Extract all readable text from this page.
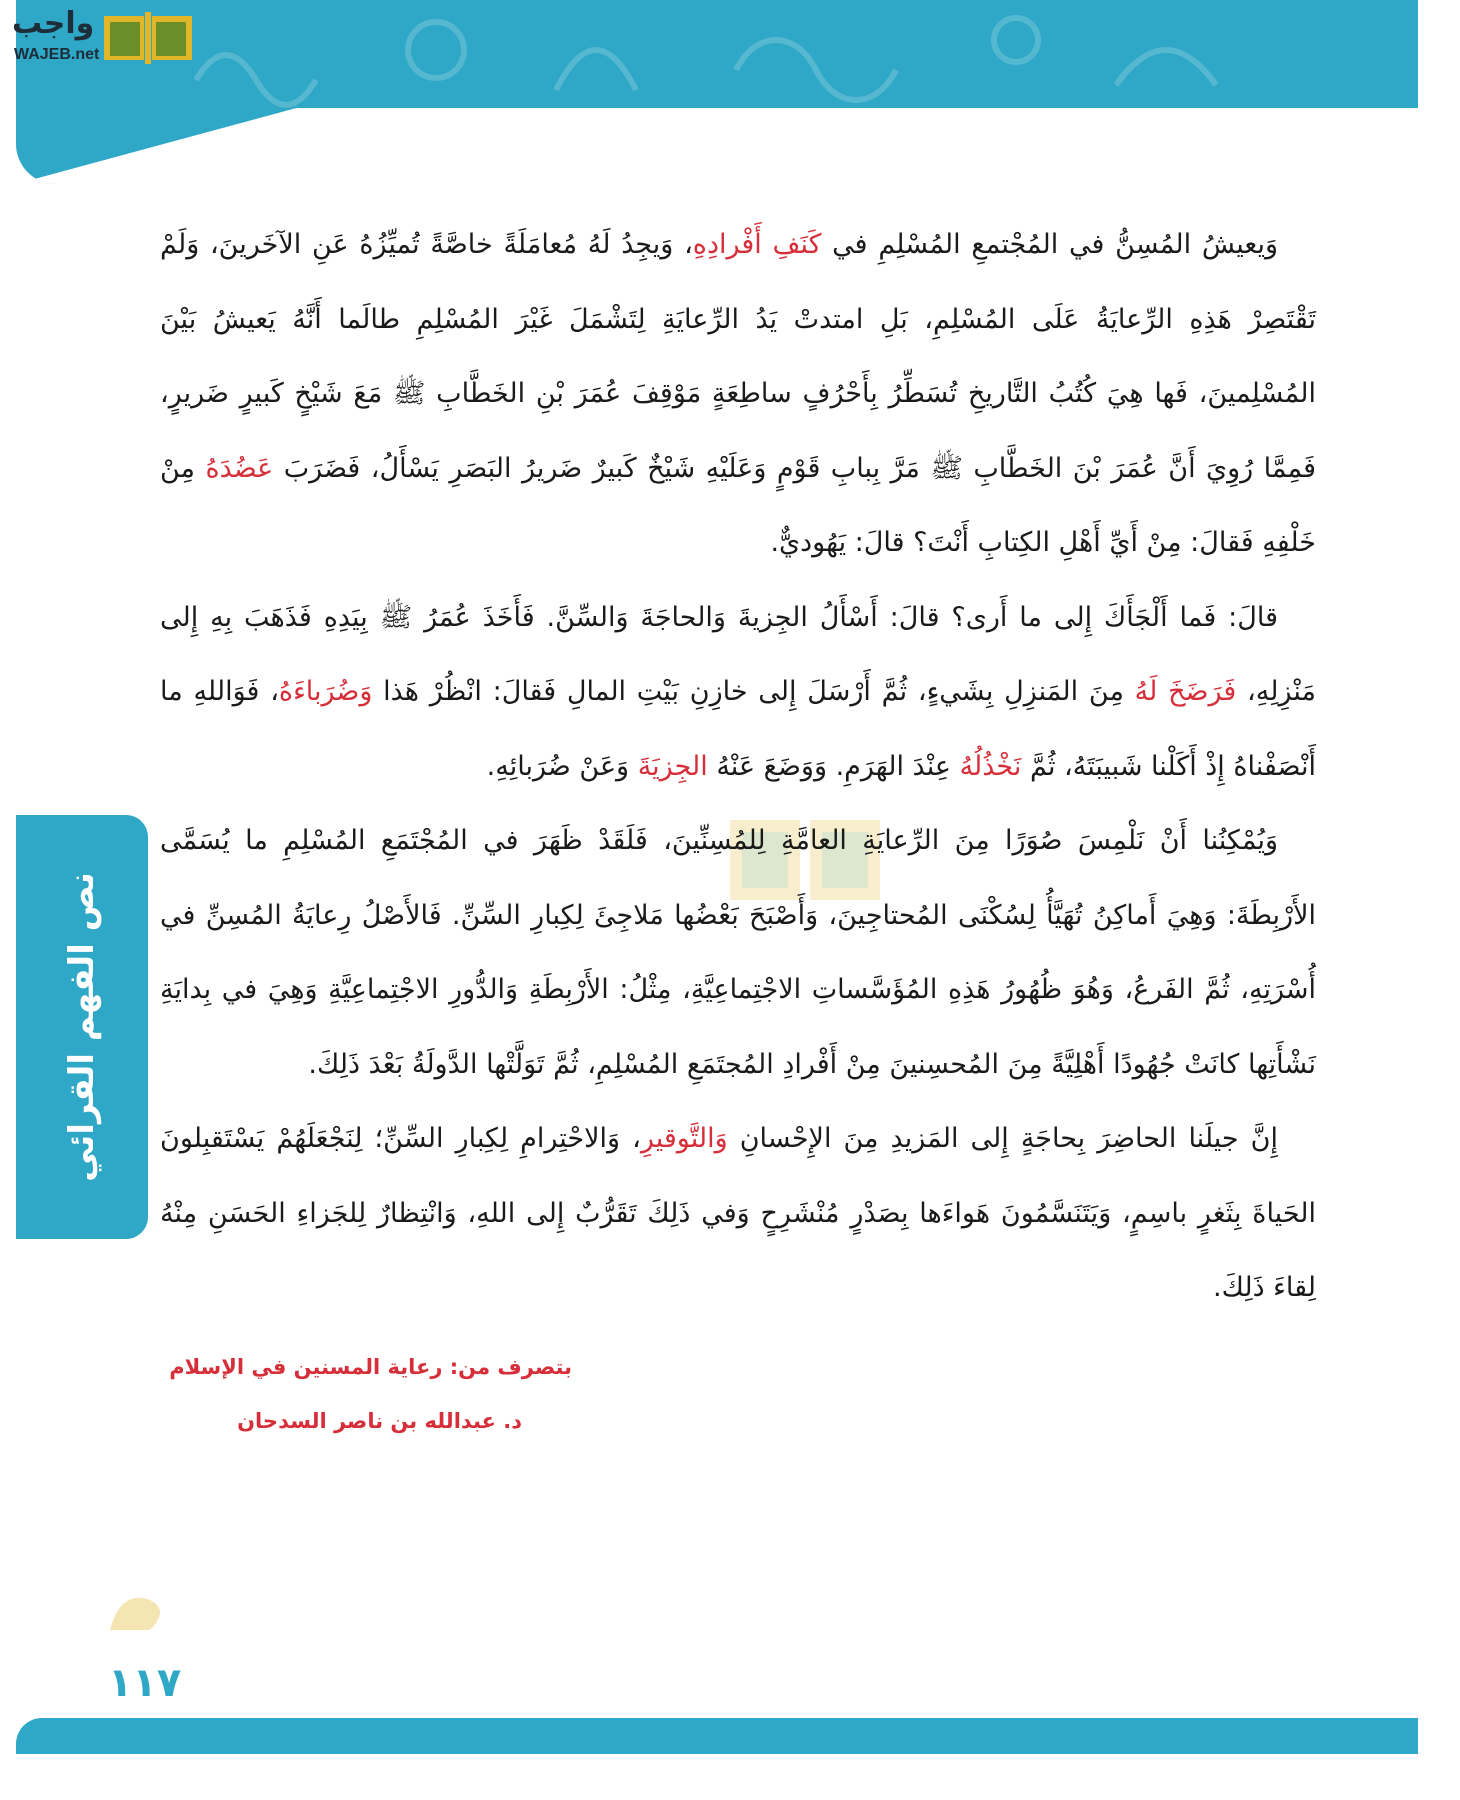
واجب
WAJEB.net
نص الفهم القرائي

وَيعيشُ المُسِنُّ في المُجْتمعِ المُسْلِمِ في كَنَفِ أَفْرادِهِ، وَيجِدُ لَهُ مُعامَلَةً خاصَّةً تُميِّزُهُ عَنِ الآخَرينَ، وَلَمْ تَقْتَصِرْ هَذِهِ الرِّعايَةُ عَلَى المُسْلِمِ، بَلِ امتدتْ يَدُ الرِّعايَةِ لِتَشْمَلَ غَيْرَ المُسْلِمِ طالَما أَنَّهُ يَعيشُ بَيْنَ المُسْلِمينَ، فَها هِيَ كُتُبُ التَّاريخِ تُسَطِّرُ بِأَحْرُفٍ ساطِعَةٍ مَوْقِفَ عُمَرَ بْنِ الخَطَّابِ ﷺ مَعَ شَيْخٍ كَبيرٍ ضَريرٍ، فَمِمَّا رُوِيَ أَنَّ عُمَرَ بْنَ الخَطَّابِ ﷺ مَرَّ بِبابِ قَوْمٍ وَعَلَيْهِ شَيْخٌ كَبيرٌ ضَريرُ البَصَرِ يَسْأَلُ، فَضَرَبَ عَضُدَهُ مِنْ خَلْفِهِ فَقالَ: مِنْ أَيِّ أَهْلِ الكِتابِ أَنْتَ؟ قالَ: يَهُوديٌّ.

قالَ: فَما أَلْجَأَكَ إِلى ما أَرى؟ قالَ: أَسْأَلُ الجِزيةَ وَالحاجَةَ وَالسِّنَّ. فَأَخَذَ عُمَرُ ﷺ بِيَدِهِ فَذَهَبَ بِهِ إِلى مَنْزِلِهِ، فَرَضَخَ لَهُ مِنَ المَنزِلِ بِشَيءٍ، ثُمَّ أَرْسَلَ إِلى خازِنِ بَيْتِ المالِ فَقالَ: انْظُرْ هَذا وَضُرَباءَهُ، فَوَاللهِ ما أَنْصَفْناهُ إِذْ أَكَلْنا شَبيبَتَهُ، ثُمَّ نَخْذُلُهُ عِنْدَ الهَرَمِ. وَوَضَعَ عَنْهُ الجِزيَةَ وَعَنْ ضُرَبائِهِ.

وَيُمْكِنُنا أَنْ نَلْمِسَ صُوَرًا مِنَ الرِّعايَةِ العامَّةِ لِلمُسِنِّينَ، فَلَقَدْ ظَهَرَ في المُجْتَمَعِ المُسْلِمِ ما يُسَمَّى الأَرْبِطَةَ: وَهِيَ أَماكِنُ تُهَيَّأُ لِسُكْنَى المُحتاجِينَ، وَأَصْبَحَ بَعْضُها مَلاجِئَ لِكِبارِ السِّنِّ. فَالأَصْلُ رِعايَةُ المُسِنِّ في أُسْرَتِهِ، ثُمَّ الفَرعُ، وَهُوَ ظُهُورُ هَذِهِ المُؤَسَّساتِ الاجْتِماعِيَّةِ، مِثْلُ: الأَرْبِطَةِ وَالدُّورِ الاجْتِماعِيَّةِ وَهِيَ في بِدايَةِ نَشْأَتِها كانَتْ جُهُودًا أَهْلِيَّةً مِنَ المُحسِنينَ مِنْ أَفْرادِ المُجتَمَعِ المُسْلِمِ، ثُمَّ تَوَلَّتْها الدَّولَةُ بَعْدَ ذَلِكَ.

إِنَّ جيلَنا الحاضِرَ بِحاجَةٍ إِلى المَزيدِ مِنَ الإِحْسانِ وَالتَّوقيرِ، وَالاحْتِرامِ لِكِبارِ السِّنِّ؛ لِنَجْعَلَهُمْ يَسْتَقبِلونَ الحَياةَ بِثَغرٍ باسِمٍ، وَيَتَنَسَّمُونَ هَواءَها بِصَدْرٍ مُنْشَرِحٍ وَفي ذَلِكَ تَقَرُّبٌ إِلى اللهِ، وَانْتِظارٌ لِلجَزاءِ الحَسَنِ مِنْهُ لِقاءَ ذَلِكَ.

بتصرف من: رعاية المسنين في الإسلام
د. عبدالله بن ناصر السدحان
١١٧
